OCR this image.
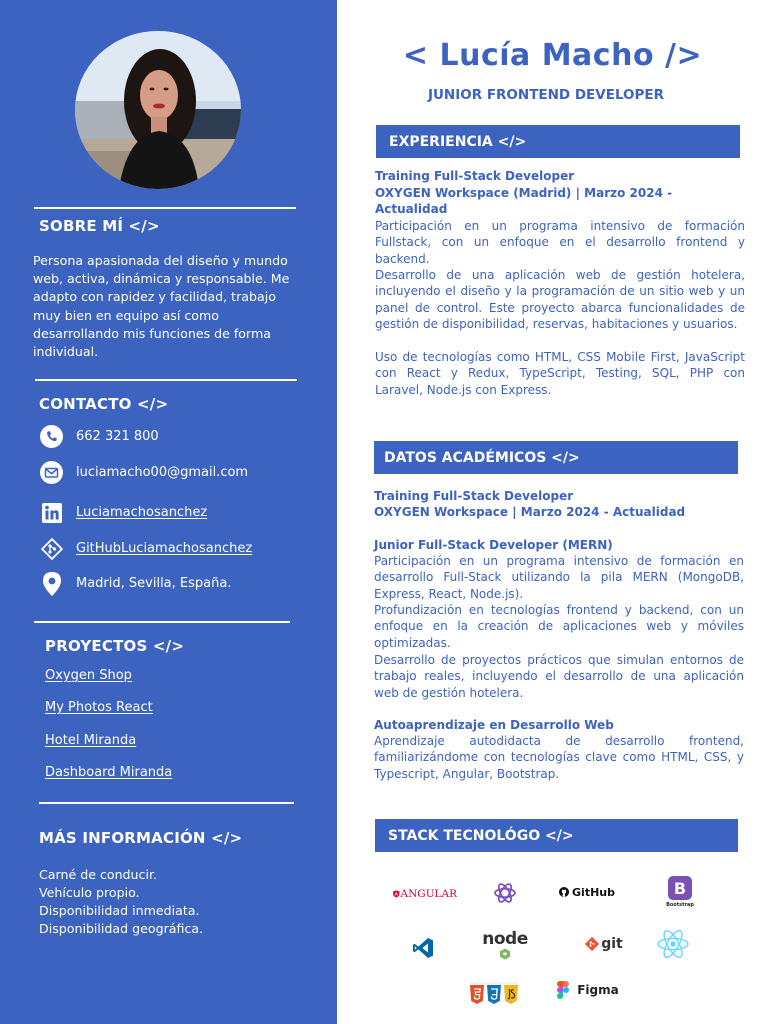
SOBRE MÍ </>
Persona apasionada del diseño y mundo web, activa, dinámica y responsable. Me adapto con rapidez y facilidad, trabajo muy bien en equipo así como desarrollando mis funciones de forma individual.
CONTACTO </>
662 321 800
luciamacho00@gmail.com
Luciamachosanchez
GitHubLuciamachosanchez
Madrid, Sevilla, España.
PROYECTOS </>
Oxygen Shop
My Photos React
Hotel Miranda
Dashboard Miranda
MÁS INFORMACIÓN </>
Carné de conducir.
Vehículo propio.
Disponibilidad inmediata.
Disponibilidad geográfica.
< Lucía Macho />
JUNIOR FRONTEND DEVELOPER
EXPERIENCIA </>
Training Full-Stack Developer
OXYGEN Workspace (Madrid) | Marzo 2024 - Actualidad
Participación en un programa intensivo de formación Fullstack, con un enfoque en el desarrollo frontend y backend.
Desarrollo de una aplicación web de gestión hotelera, incluyendo el diseño y la programación de un sitio web y un panel de control. Este proyecto abarca funcionalidades de gestión de disponibilidad, reservas, habitaciones y usuarios.
Uso de tecnologías como HTML, CSS Mobile First, JavaScript con React y Redux, TypeScript, Testing, SQL, PHP con Laravel, Node.js con Express.
DATOS ACADÉMICOS </>
Training Full-Stack Developer
OXYGEN Workspace | Marzo 2024 - Actualidad
Junior Full-Stack Developer (MERN)
Participación en un programa intensivo de formación en desarrollo Full-Stack utilizando la pila MERN (MongoDB, Express, React, Node.js).
Profundización en tecnologías frontend y backend, con un enfoque en la creación de aplicaciones web y móviles optimizadas.
Desarrollo de proyectos prácticos que simulan entornos de trabajo reales, incluyendo el desarrollo de una aplicación web de gestión hotelera.
Autoaprendizaje en Desarrollo Web
Aprendizaje autodidacta de desarrollo frontend, familiarizándome con tecnologías clave como HTML, CSS, y Typescript, Angular, Bootstrap.
STACK TECNOLÓGO </>
ANGULAR	GitHub	B
Bootstrap
node	git
Figma
